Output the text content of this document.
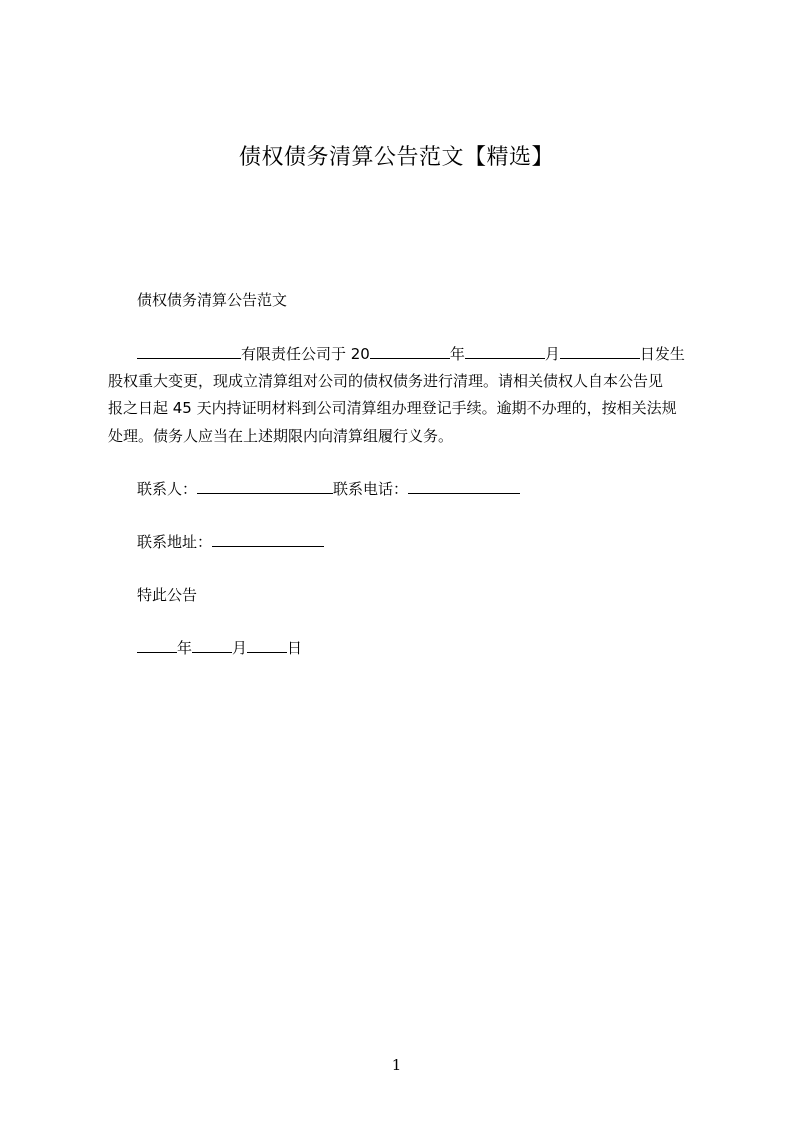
债权债务清算公告范文【精选】
债权债务清算公告范文
有限责任公司于 20	年	月	日发生
股权重大变更，现成立清算组对公司的债权债务进行清理。请相关债权人自本公告见
报之日起 45 天内持证明材料到公司清算组办理登记手续。逾期不办理的，按相关法规
处理。债务人应当在上述期限内向清算组履行义务。
联系人：	联系电话：
联系地址：
特此公告
年	月	日
1
